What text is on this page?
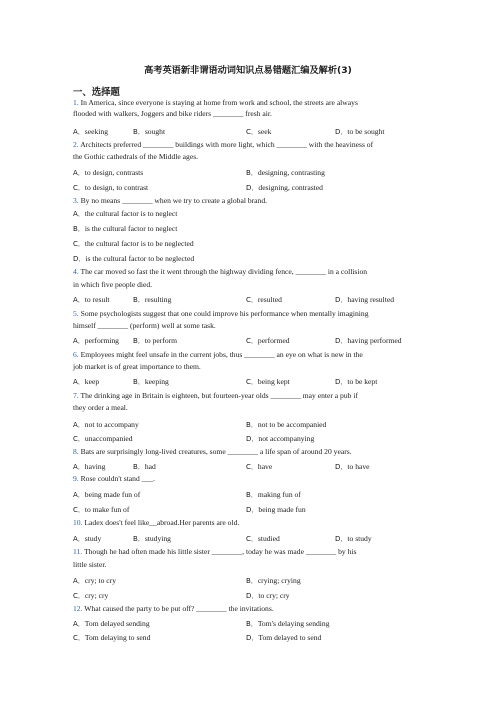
高考英语新非谓语动词知识点易错题汇编及解析(3)
一、选择题
1. In America, since everyone is staying at home from work and school, the streets are always
flooded with walkers, Joggers and bike riders ________ fresh air.
A．seeking	B．sought	C．seek	D．to be sought
2. Architects preferred ________ buildings with more light, which ________ with the heaviness of
the Gothic cathedrals of the Middle ages.
A．to design, contrasts	B．designing, contrasting
C．to design, to contrast	D．designing, contrasted
3. By no means ________ when we try to create a global brand.
A．the cultural factor is to neglect
B．is the cultural factor to neglect
C．the cultural factor is to be neglected
D．is the cultural factor to be neglected
4. The car moved so fast the it went through the highway dividing fence, ________ in a collision
in which five people died.
A．to result	B．resulting	C．resulted	D．having resulted
5. Some psychologists suggest that one could improve his performance when mentally imagining
himself ________ (perform) well at some task.
A．performing B．to perform	C．performed	D．having performed
6. Employees might feel unsafe in the current jobs, thus ________ an eye on what is new in the
job market is of great importance to them.
A．keep	B．keeping	C．being kept	D．to be kept
7. The drinking age in Britain is eighteen, but fourteen-year olds ________ may enter a pub if
they order a meal.
A．not to accompany	B．not to be accompanied
C．unaccompanied	D．not accompanying
8. Bats are surprisingly long-lived creatures, some ________ a life span of around 20 years.
A．having	B．had	C．have	D．to have
9. Rose couldn't stand ___.
A．being made fun of	B．making fun of
C．to make fun of	D．being made fun
10. Ladex does't feel like__abroad.Her parents are old.
A．study	B．studying	C．studied	D．to study
11. Though he had often made his little sister ________, today he was made ________ by his
little sister.
A．cry; to cry	B．crying; crying
C．cry; cry	D．to cry; cry
12. What caused the party to be put off? ________ the invitations.
A．Tom delayed sending	B．Tom's delaying sending
C．Tom delaying to send	D．Tom delayed to send
